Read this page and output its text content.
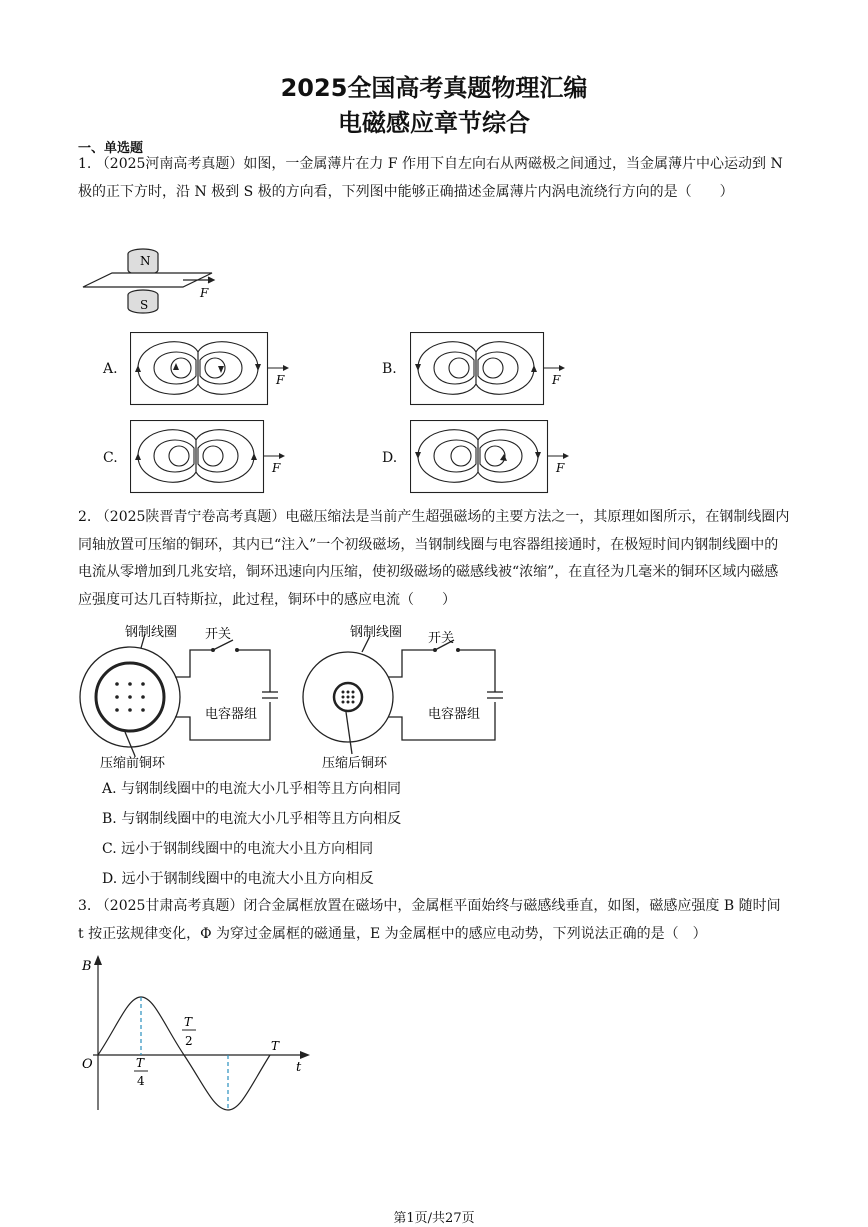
2025全国高考真题物理汇编
电磁感应章节综合
一、单选题
1. （2025河南高考真题）如图，一金属薄片在力 F 作用下自左向右从两磁极之间通过，当金属薄片中心运动到 N 极的正下方时，沿 N 极到 S 极的方向看，下列图中能够正确描述金属薄片内涡电流绕行方向的是（　　）
N
S
F
A.
F
B.
F
C.
F
D.
F
2. （2025陕晋青宁卷高考真题）电磁压缩法是当前产生超强磁场的主要方法之一，其原理如图所示，在钢制线圈内同轴放置可压缩的铜环，其内已“注入”一个初级磁场，当钢制线圈与电容器组接通时，在极短时间内钢制线圈中的电流从零增加到几兆安培，铜环迅速向内压缩，使初级磁场的磁感线被“浓缩”，在直径为几毫米的铜环区域内磁感应强度可达几百特斯拉，此过程，铜环中的感应电流（　　）
钢制线圈 开关
电容器组
压缩前铜环
钢制线圈 开关
电容器组
压缩后铜环
A. 与钢制线圈中的电流大小几乎相等且方向相同
B. 与钢制线圈中的电流大小几乎相等且方向相反
C. 远小于钢制线圈中的电流大小且方向相同
D. 远小于钢制线圈中的电流大小且方向相反
3. （2025甘肃高考真题）闭合金属框放置在磁场中，金属框平面始终与磁感线垂直，如图，磁感应强度 B 随时间 t 按正弦规律变化，Φ 为穿过金属框的磁通量，E 为金属框中的感应电动势，下列说法正确的是（　）
B
t
O	T
4
T
2	T
第1页/共27页
